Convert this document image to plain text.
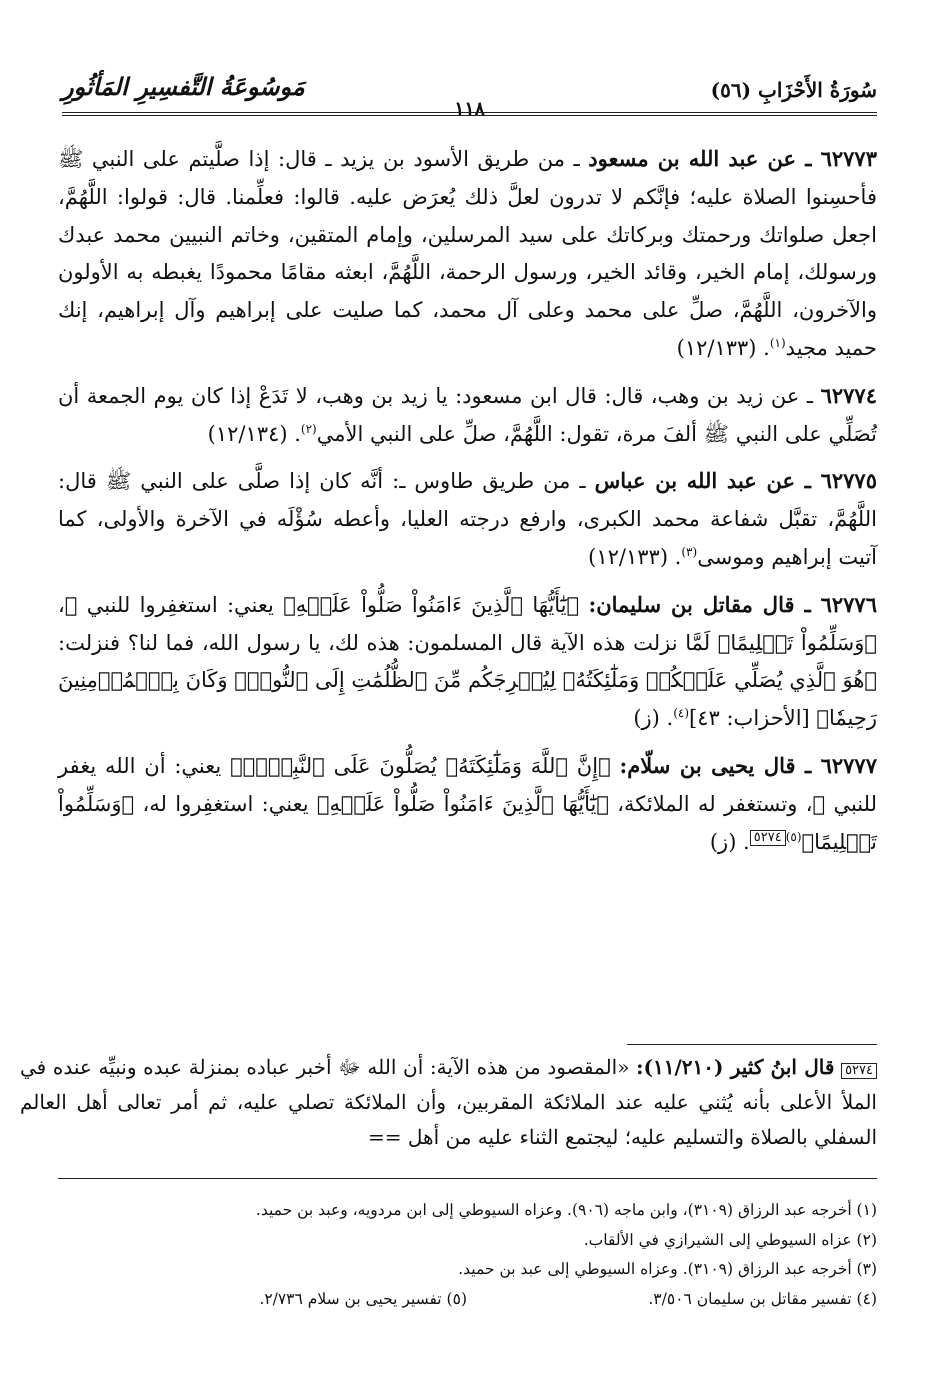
سُورَةُ الأَحْزَابِ (٥٦)
١١٨
مَوسُوعَةُ التَّفسِيرِ المَأثُورِ

٦٢٧٧٣ ـ عن عبد الله بن مسعود ـ من طريق الأسود بن يزيد ـ قال: إذا صلَّيتم على النبي ﷺ فأحسِنوا الصلاة عليه؛ فإنَّكم لا تدرون لعلَّ ذلك يُعرَض عليه. قالوا: فعلِّمنا. قال: قولوا: اللَّهُمَّ، اجعل صلواتك ورحمتك وبركاتك على سيد المرسلين، وإمام المتقين، وخاتم النبيين محمد عبدك ورسولك، إمام الخير، وقائد الخير، ورسول الرحمة، اللَّهُمَّ، ابعثه مقامًا محمودًا يغبطه به الأولون والآخرون، اللَّهُمَّ، صلِّ على محمد وعلى آل محمد، كما صليت على إبراهيم وآل إبراهيم، إنك حميد مجيد$^{(١)}$. (١٢/١٣٣)

٦٢٧٧٤ ـ عن زيد بن وهب، قال: قال ابن مسعود: يا زيد بن وهب، لا تَدَعْ إذا كان يوم الجمعة أن تُصَلِّي على النبي ﷺ ألفَ مرة، تقول: اللَّهُمَّ، صلِّ على النبي الأمي$^{(٢)}$. (١٢/١٣٤)

٦٢٧٧٥ ـ عن عبد الله بن عباس ـ من طريق طاوس ـ: أنَّه كان إذا صلَّى على النبي ﷺ قال: اللَّهُمَّ، تقبَّل شفاعة محمد الكبرى، وارفع درجته العليا، وأعطه سُؤْلَه في الآخرة والأولى، كما آتيت إبراهيم وموسى$^{(٣)}$. (١٢/١٣٣)

٦٢٧٧٦ ـ قال مقاتل بن سليمان: ﴿يَٰٓأَيُّهَا ٱلَّذِينَ ءَامَنُواْ صَلُّواْ عَلَيۡهِ﴾ يعني: استغفِروا للنبي ﷺ، ﴿وَسَلِّمُواْ تَسۡلِيمًا﴾ لَمَّا نزلت هذه الآية قال المسلمون: هذه لك، يا رسول الله، فما لنا؟ فنزلت: ﴿هُوَ ٱلَّذِي يُصَلِّي عَلَيۡكُمۡ وَمَلَٰٓئِكَتُهُۥ لِيُخۡرِجَكُم مِّنَ ٱلظُّلُمَٰتِ إِلَى ٱلنُّورِۚ وَكَانَ بِٱلۡمُؤۡمِنِينَ رَحِيمٗا﴾ [الأحزاب: ٤٣]$^{(٤)}$. (ز)

٦٢٧٧٧ ـ قال يحيى بن سلّام: ﴿إِنَّ ٱللَّهَ وَمَلَٰٓئِكَتَهُۥ يُصَلُّونَ عَلَى ٱلنَّبِيِّۚ﴾ يعني: أن الله يغفر للنبي ﷺ، وتستغفر له الملائكة، ﴿يَٰٓأَيُّهَا ٱلَّذِينَ ءَامَنُواْ صَلُّواْ عَلَيۡهِ﴾ يعني: استغفِروا له، ﴿وَسَلِّمُواْ تَسۡلِيمًا﴾$^{(٥)٥٢٧٤}$. (ز)

٥٢٧٤ قال ابنُ كثير (١١/٢١٠): «المقصود من هذه الآية: أن الله ﷻ أخبر عباده بمنزلة عبده ونبيِّه عنده في الملأ الأعلى بأنه يُثني عليه عند الملائكة المقربين، وأن الملائكة تصلي عليه، ثم أمر تعالى أهل العالم السفلي بالصلاة والتسليم عليه؛ ليجتمع الثناء عليه من أهل ==
(١) أخرجه عبد الرزاق (٣١٠٩)، وابن ماجه (٩٠٦). وعزاه السيوطي إلى ابن مردويه، وعبد بن حميد.
(٢) عزاه السيوطي إلى الشيرازي في الألقاب.
(٣) أخرجه عبد الرزاق (٣١٠٩). وعزاه السيوطي إلى عبد بن حميد.
(٤) تفسير مقاتل بن سليمان ٣/٥٠٦.
(٥) تفسير يحيى بن سلام ٢/٧٣٦.
